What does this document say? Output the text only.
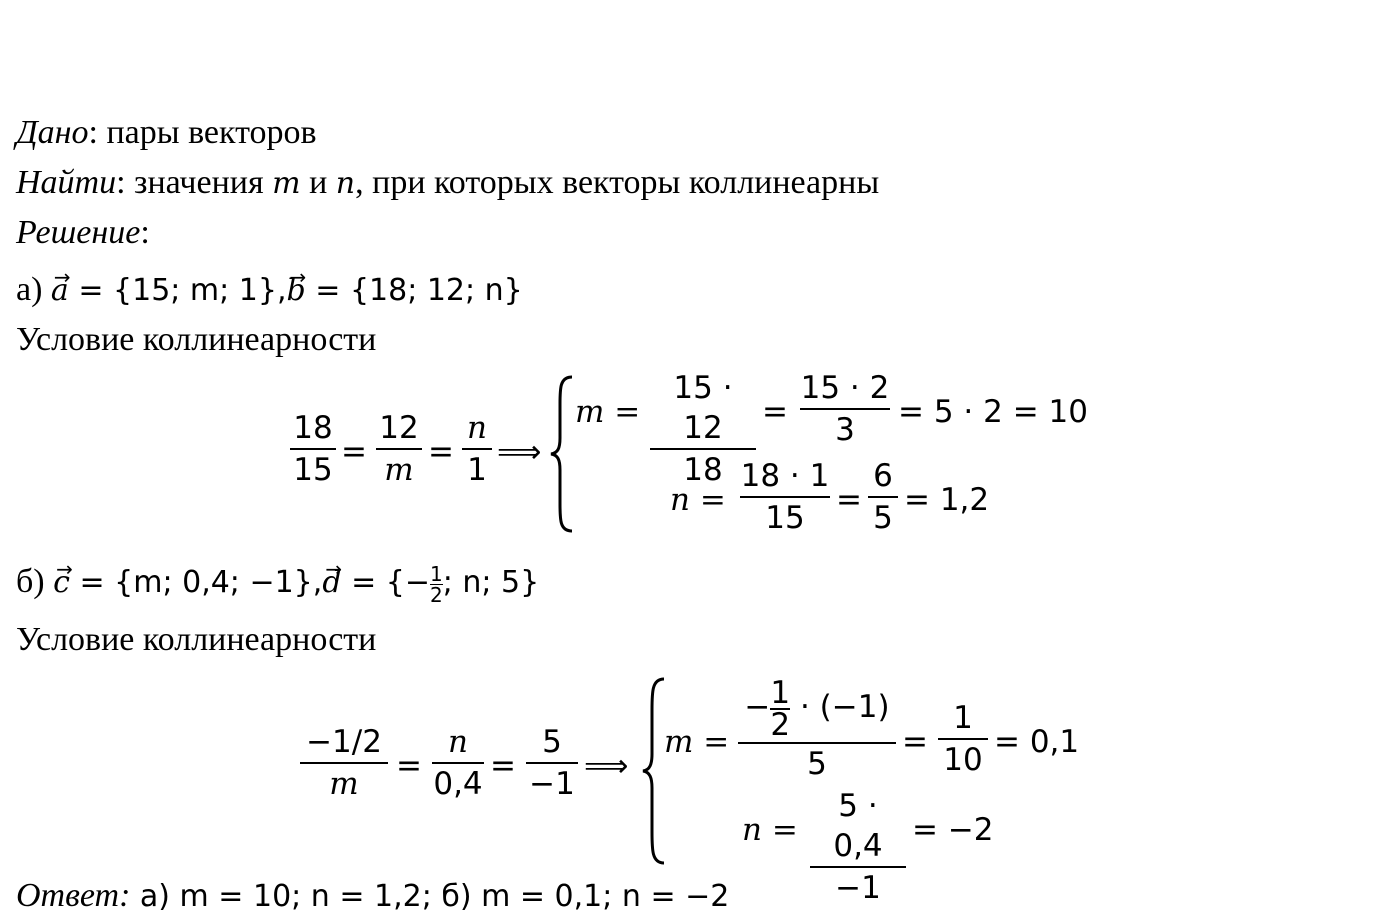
Дано: пары векторов
Найти: значения m и n, при которых векторы коллинеарны
Решение:
а) → a = {15; m; 1},→ b = {18; 12; n}
Условие коллинеарности
18
15 =
12
m =
n
1 ⟹
m =
15 · 12
18
=
15 · 2
3	= 5 · 2 = 10
n =
18 · 1
15	=
6
5 = 1,2
б) → c = {m; 0,4; $-1\},\to d = \{-\frac{1}{2}$ ; n; 5}
Условие коллинеарности
−1/2
m	=
n
0,4 =
5
−1 ⟹
m =
$-\frac{1}{2} \cdot (-1)$
5
=
1
10 = 0,1
n =
5 · 0,4
−1
= −2
Ответ: а) m = 10; n = 1,2; б) m = 0,1; n = −2
